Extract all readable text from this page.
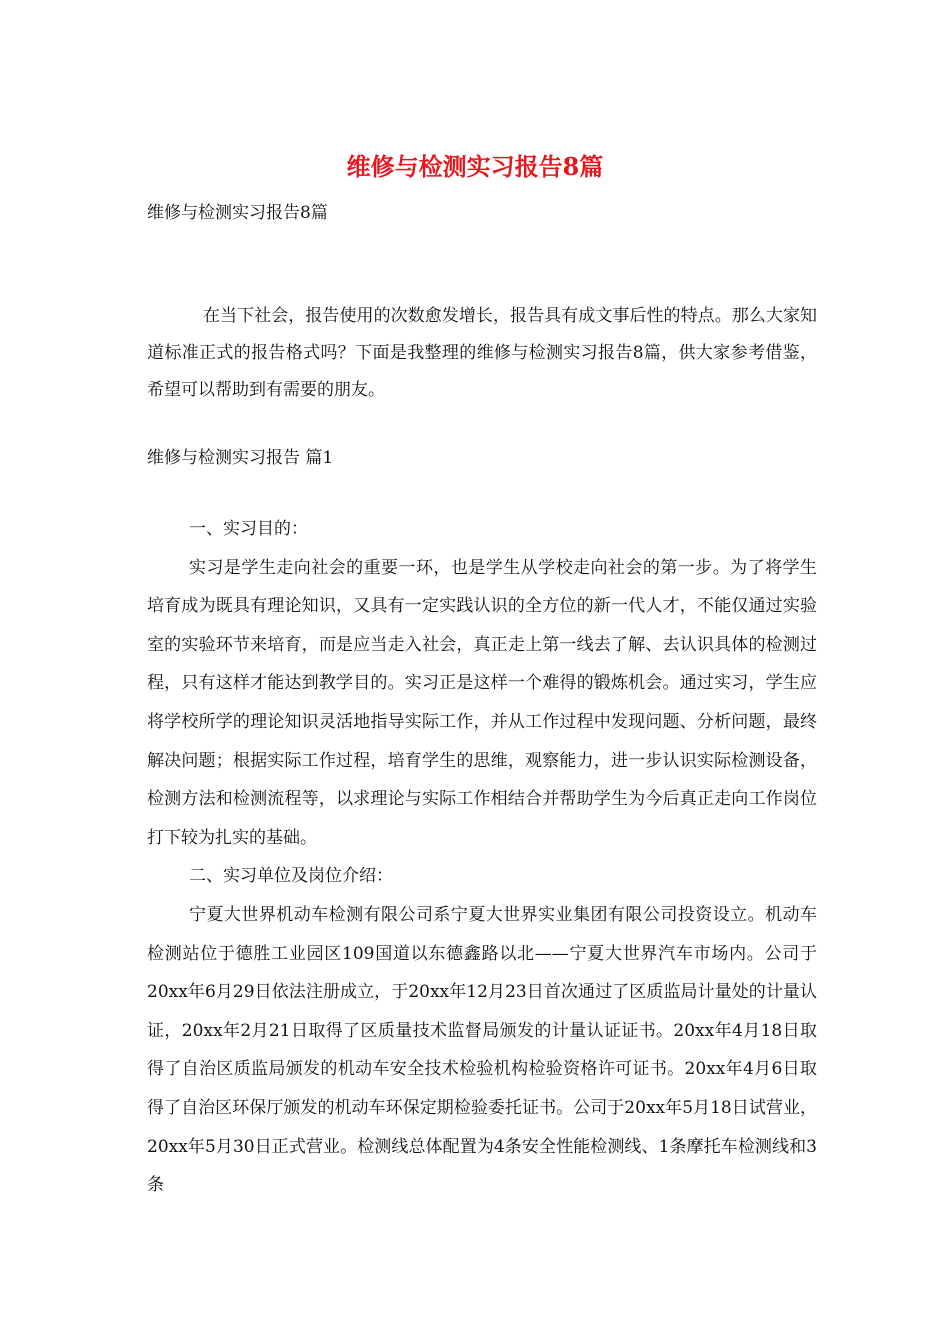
维修与检测实习报告8篇

维修与检测实习报告8篇

在当下社会，报告使用的次数愈发增长，报告具有成文事后性的特点。那么大家知道标准正式的报告格式吗？下面是我整理的维修与检测实习报告8篇，供大家参考借鉴，希望可以帮助到有需要的朋友。

维修与检测实习报告 篇1

一、实习目的：

实习是学生走向社会的重要一环，也是学生从学校走向社会的第一步。为了将学生培育成为既具有理论知识，又具有一定实践认识的全方位的新一代人才，不能仅通过实验室的实验环节来培育，而是应当走入社会，真正走上第一线去了解、去认识具体的检测过程，只有这样才能达到教学目的。实习正是这样一个难得的锻炼机会。通过实习，学生应将学校所学的理论知识灵活地指导实际工作，并从工作过程中发现问题、分析问题，最终解决问题；根据实际工作过程，培育学生的思维，观察能力，进一步认识实际检测设备，检测方法和检测流程等，以求理论与实际工作相结合并帮助学生为今后真正走向工作岗位打下较为扎实的基础。

二、实习单位及岗位介绍：

宁夏大世界机动车检测有限公司系宁夏大世界实业集团有限公司投资设立。机动车检测站位于德胜工业园区109国道以东德鑫路以北——宁夏大世界汽车市场内。公司于20xx年6月29日依法注册成立，于20xx年12月23日首次通过了区质监局计量处的计量认证，20xx年2月21日取得了区质量技术监督局颁发的计量认证证书。20xx年4月18日取得了自治区质监局颁发的机动车安全技术检验机构检验资格许可证书。20xx年4月6日取得了自治区环保厅颁发的机动车环保定期检验委托证书。公司于20xx年5月18日试营业，20xx年5月30日正式营业。检测线总体配置为4条安全性能检测线、1条摩托车检测线和3条
